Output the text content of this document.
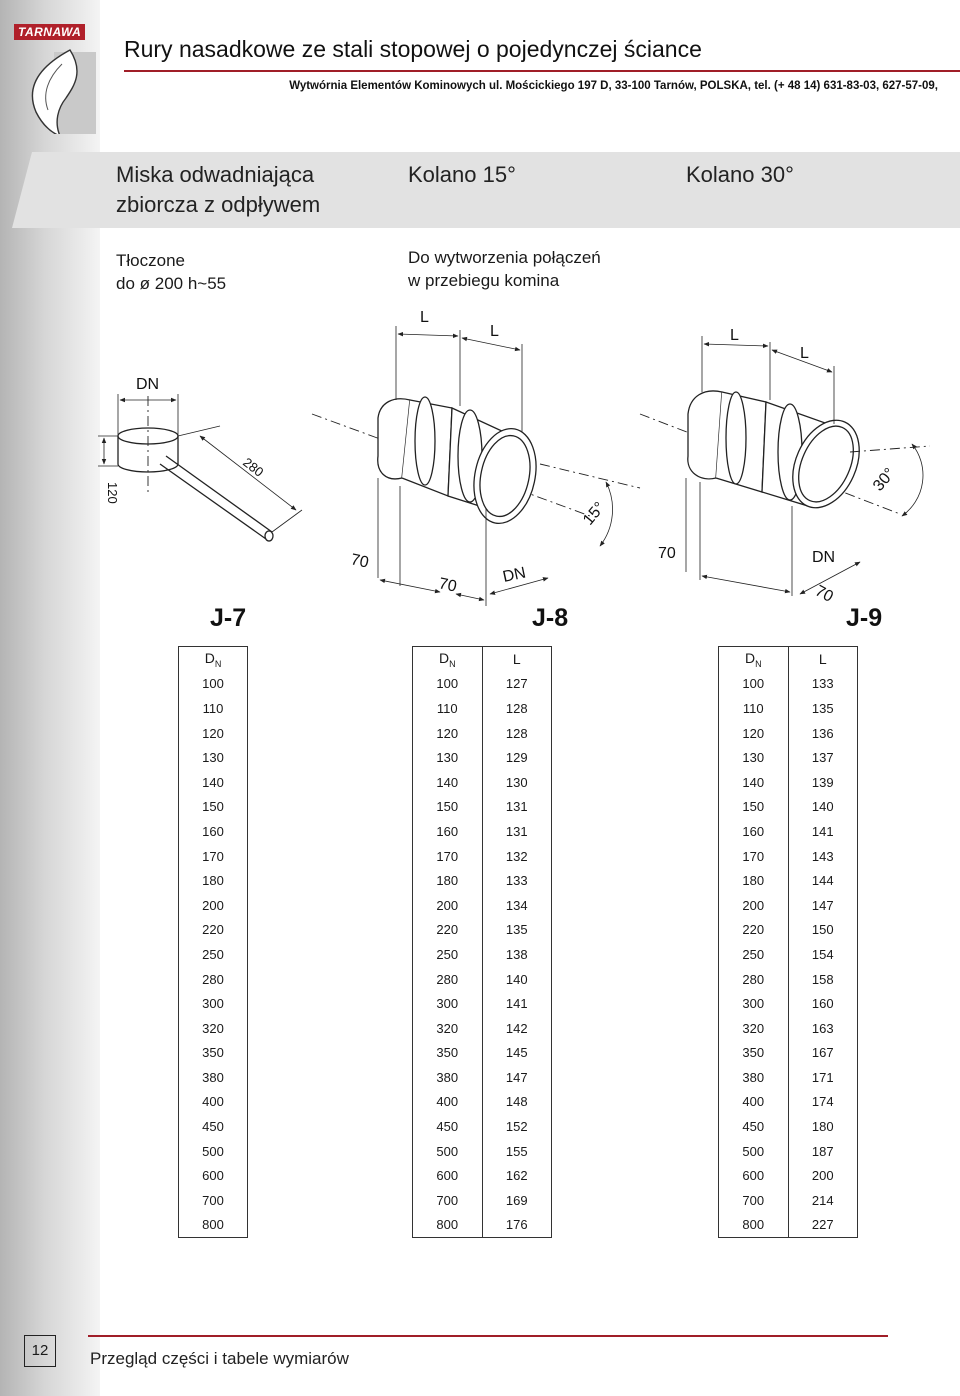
TARNAWA
Rury nasadkowe ze stali stopowej o pojedynczej ściance
Wytwórnia Elementów Kominowych ul. Mościckiego 197 D, 33-100 Tarnów, POLSKA, tel. (+ 48 14) 631-83-03, 627-57-09,
Miska odwadniająca
zbiorcza z odpływem
Kolano 15°	Kolano 30°
Tłoczone
do ø 200 h~55
Do wytworzenia połączeń
w przebiegu komina
DN
120
280
L
L
70
70	DN
15°
L
L
70
70
DN
30°
J-7	J-8	J-9
$D_N$
100
110
120
130
140
150
160
170
180
200
220
250
280
300
320
350
380
400
450
500
600
700
800
$D_N$	L
100	127
110	128
120	128
130	129
140	130
150	131
160	131
170	132
180	133
200	134
220	135
250	138
280	140
300	141
320	142
350	145
380	147
400	148
450	152
500	155
600	162
700	169
800	176
$D_N$	L
100	133
110	135
120	136
130	137
140	139
150	140
160	141
170	143
180	144
200	147
220	150
250	154
280	158
300	160
320	163
350	167
380	171
400	174
450	180
500	187
600	200
700	214
800	227
12	Przegląd części i tabele wymiarów
